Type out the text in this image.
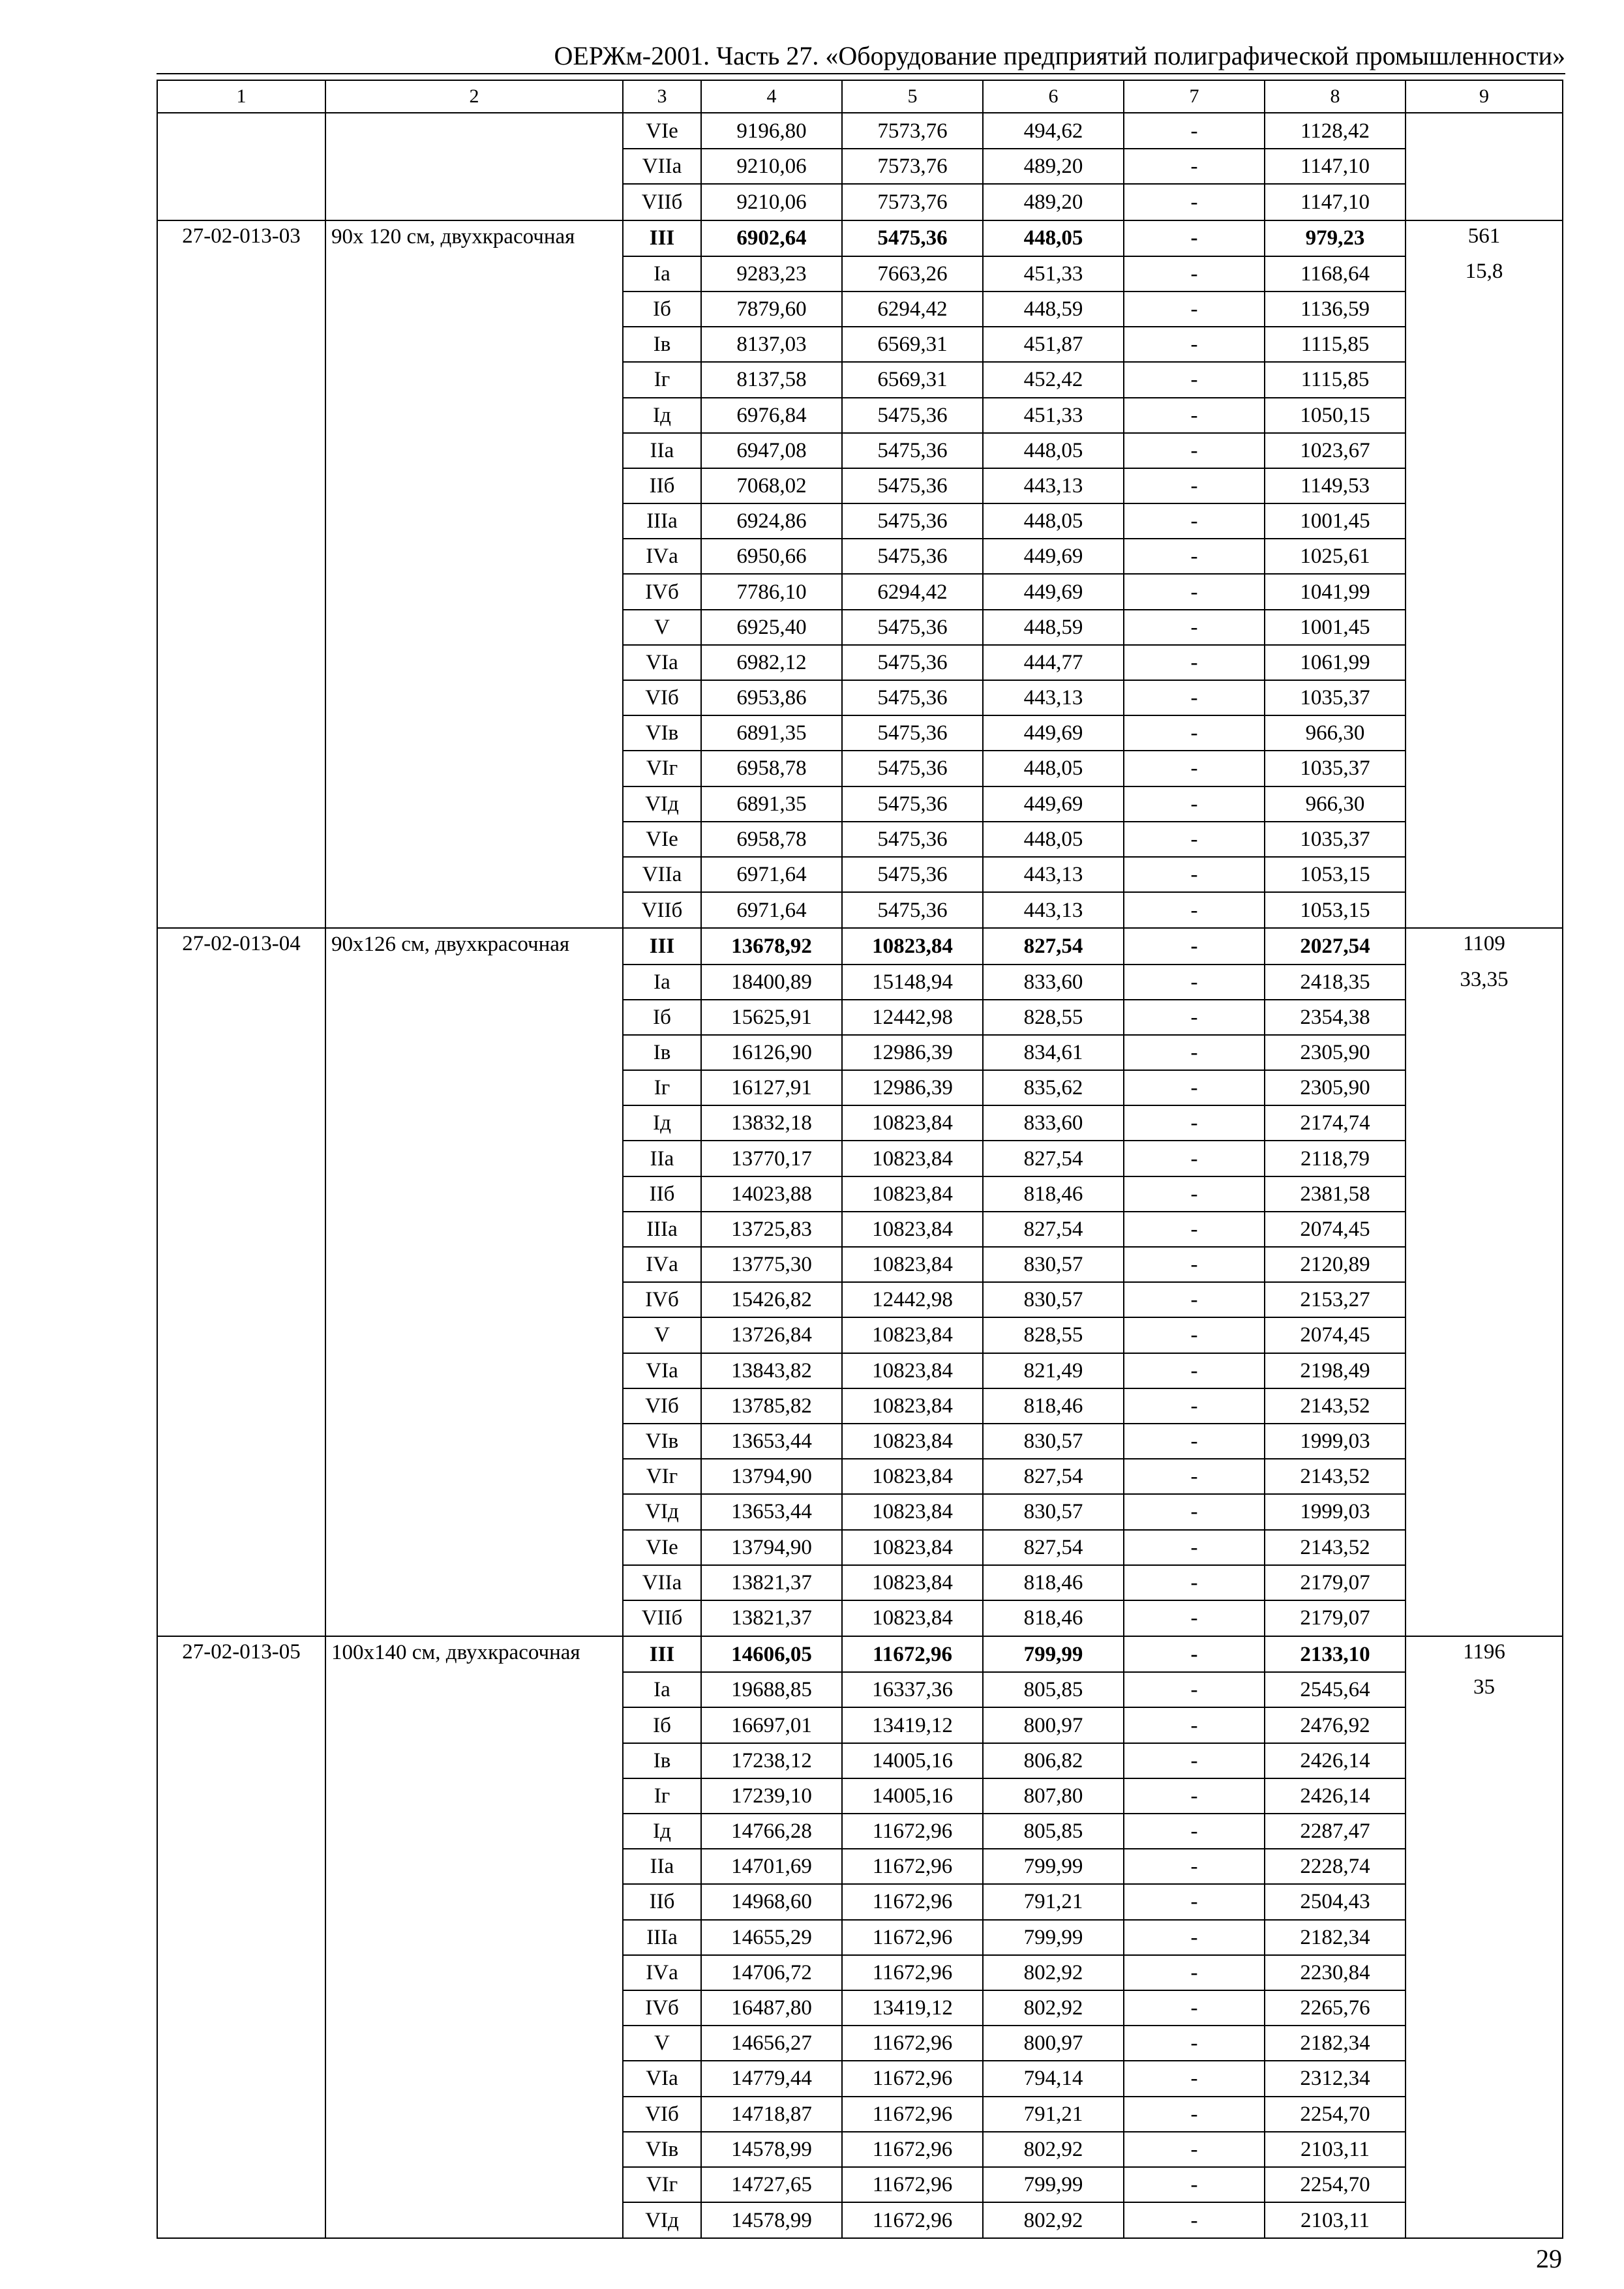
ОЕРЖм-2001. Часть 27. «Оборудование предприятий полиграфической промышленности»
1	2	3	4	5	6	7	8	9
		VIе	9196,80	7573,76	494,62	-	1128,42	
		VIIа	9210,06	7573,76	489,20	-	1147,10	
		VIIб	9210,06	7573,76	489,20	-	1147,10	
27-02-013-03	90х 120 см, двухкрасочная	III	6902,64	5475,36	448,05	-	979,23	561
		Iа	9283,23	7663,26	451,33	-	1168,64	15,8
		Iб	7879,60	6294,42	448,59	-	1136,59	
		Iв	8137,03	6569,31	451,87	-	1115,85	
		Iг	8137,58	6569,31	452,42	-	1115,85	
		Iд	6976,84	5475,36	451,33	-	1050,15	
		IIа	6947,08	5475,36	448,05	-	1023,67	
		IIб	7068,02	5475,36	443,13	-	1149,53	
		IIIа	6924,86	5475,36	448,05	-	1001,45	
		IVа	6950,66	5475,36	449,69	-	1025,61	
		IVб	7786,10	6294,42	449,69	-	1041,99	
		V	6925,40	5475,36	448,59	-	1001,45	
		VIа	6982,12	5475,36	444,77	-	1061,99	
		VIб	6953,86	5475,36	443,13	-	1035,37	
		VIв	6891,35	5475,36	449,69	-	966,30	
		VIг	6958,78	5475,36	448,05	-	1035,37	
		VIд	6891,35	5475,36	449,69	-	966,30	
		VIе	6958,78	5475,36	448,05	-	1035,37	
		VIIа	6971,64	5475,36	443,13	-	1053,15	
		VIIб	6971,64	5475,36	443,13	-	1053,15	
27-02-013-04	90х126 см, двухкрасочная	III	13678,92	10823,84	827,54	-	2027,54	1109
		Iа	18400,89	15148,94	833,60	-	2418,35	33,35
		Iб	15625,91	12442,98	828,55	-	2354,38	
		Iв	16126,90	12986,39	834,61	-	2305,90	
		Iг	16127,91	12986,39	835,62	-	2305,90	
		Iд	13832,18	10823,84	833,60	-	2174,74	
		IIа	13770,17	10823,84	827,54	-	2118,79	
		IIб	14023,88	10823,84	818,46	-	2381,58	
		IIIа	13725,83	10823,84	827,54	-	2074,45	
		IVа	13775,30	10823,84	830,57	-	2120,89	
		IVб	15426,82	12442,98	830,57	-	2153,27	
		V	13726,84	10823,84	828,55	-	2074,45	
		VIа	13843,82	10823,84	821,49	-	2198,49	
		VIб	13785,82	10823,84	818,46	-	2143,52	
		VIв	13653,44	10823,84	830,57	-	1999,03	
		VIг	13794,90	10823,84	827,54	-	2143,52	
		VIд	13653,44	10823,84	830,57	-	1999,03	
		VIе	13794,90	10823,84	827,54	-	2143,52	
		VIIа	13821,37	10823,84	818,46	-	2179,07	
		VIIб	13821,37	10823,84	818,46	-	2179,07	
27-02-013-05	100х140 см, двухкрасочная	III	14606,05	11672,96	799,99	-	2133,10	1196
		Iа	19688,85	16337,36	805,85	-	2545,64	35
		Iб	16697,01	13419,12	800,97	-	2476,92	
		Iв	17238,12	14005,16	806,82	-	2426,14	
		Iг	17239,10	14005,16	807,80	-	2426,14	
		Iд	14766,28	11672,96	805,85	-	2287,47	
		IIа	14701,69	11672,96	799,99	-	2228,74	
		IIб	14968,60	11672,96	791,21	-	2504,43	
		IIIа	14655,29	11672,96	799,99	-	2182,34	
		IVа	14706,72	11672,96	802,92	-	2230,84	
		IVб	16487,80	13419,12	802,92	-	2265,76	
		V	14656,27	11672,96	800,97	-	2182,34	
		VIа	14779,44	11672,96	794,14	-	2312,34	
		VIб	14718,87	11672,96	791,21	-	2254,70	
		VIв	14578,99	11672,96	802,92	-	2103,11	
		VIг	14727,65	11672,96	799,99	-	2254,70	
		VIд	14578,99	11672,96	802,92	-	2103,11	
29
